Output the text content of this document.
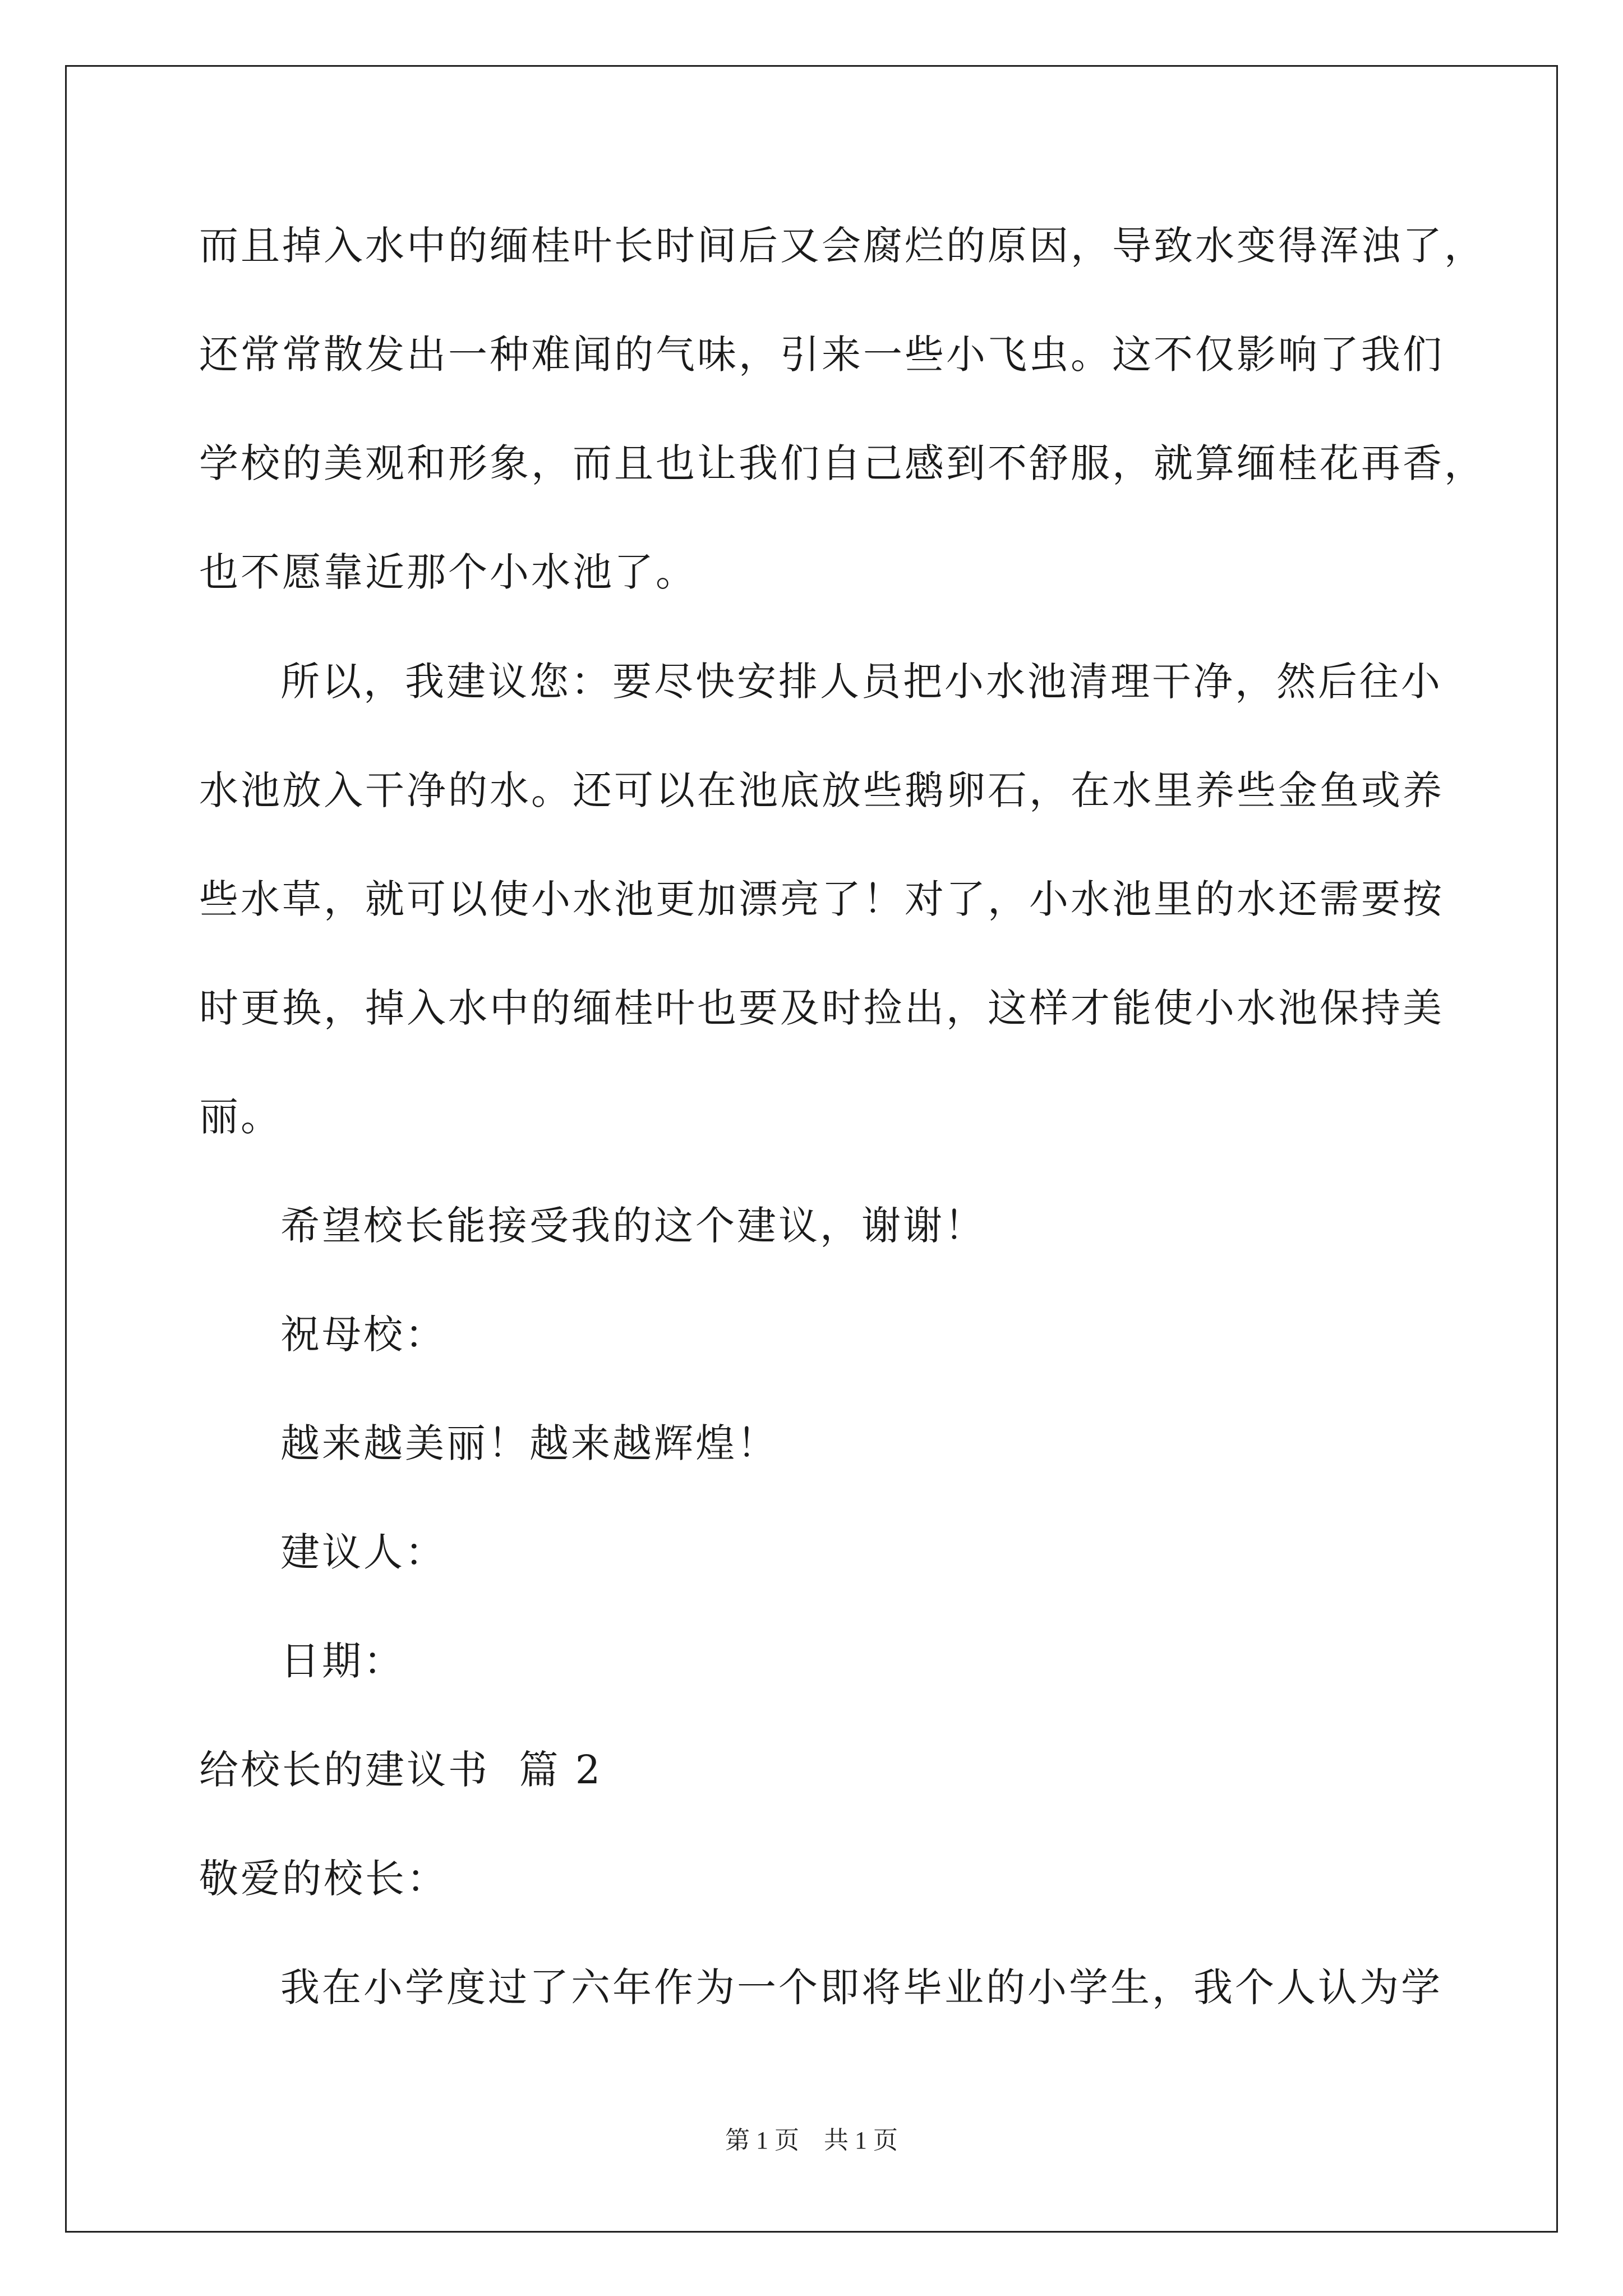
而且掉入水中的缅桂叶长时间后又会腐烂的原因，导致水变得浑浊了，
还常常散发出一种难闻的气味，引来一些小飞虫。这不仅影响了我们
学校的美观和形象，而且也让我们自己感到不舒服，就算缅桂花再香，
也不愿靠近那个小水池了。
所以，我建议您：要尽快安排人员把小水池清理干净，然后往小
水池放入干净的水。还可以在池底放些鹅卵石，在水里养些金鱼或养
些水草，就可以使小水池更加漂亮了！对了，小水池里的水还需要按
时更换，掉入水中的缅桂叶也要及时捡出，这样才能使小水池保持美
丽。
希望校长能接受我的这个建议，谢谢！
祝母校：
越来越美丽！越来越辉煌！
建议人：
日期：
给校长的建议书  篇 2
敬爱的校长：
我在小学度过了六年作为一个即将毕业的小学生，我个人认为学
第 1 页　共 1 页
